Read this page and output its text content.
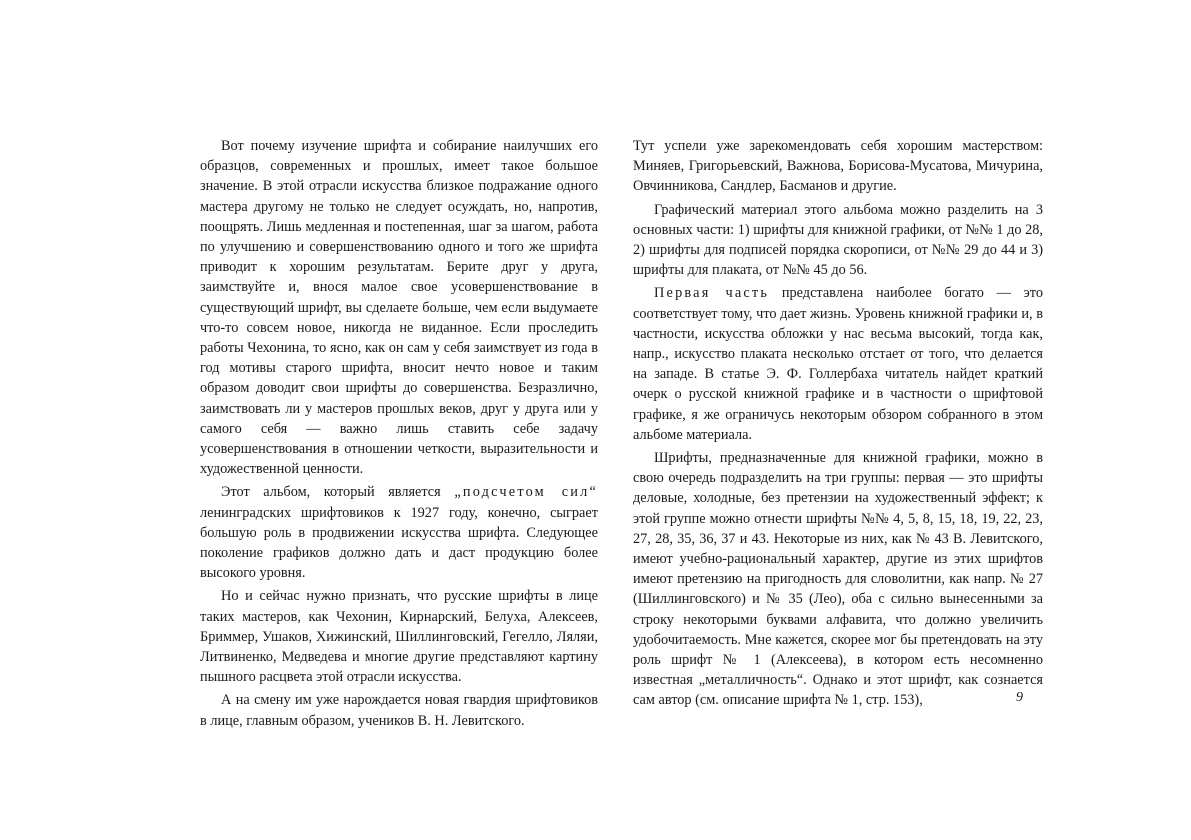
Вот почему изучение шрифта и собирание наилучших его образцов, современных и прошлых, имеет такое большое значение. В этой отрасли искусства близкое подражание одного мастера другому не только не следует осуждать, но, напротив, поощрять. Лишь медленная и постепенная, шаг за шагом, работа по улучшению и совершенствованию одного и того же шрифта приводит к хорошим результатам. Берите друг у друга, заимствуйте и, внося малое свое усовершенствование в существующий шрифт, вы сделаете больше, чем если выдумаете что-то совсем новое, никогда не виданное. Если проследить работы Чехонина, то ясно, как он сам у себя заимствует из года в год мотивы старого шрифта, вносит нечто новое и таким образом доводит свои шрифты до совершенства. Безразлично, заимствовать ли у мастеров прошлых веков, друг у друга или у самого себя — важно лишь ставить себе задачу усовершенствования в отношении четкости, выразительности и художественной ценности.

Этот альбом, который является „подсчетом сил“ ленинградских шрифтовиков к 1927 году, конечно, сыграет большую роль в продвижении искусства шрифта. Следующее поколение графиков должно дать и даст продукцию более высокого уровня.

Но и сейчас нужно признать, что русские шрифты в лице таких мастеров, как Чехонин, Кирнарский, Белуха, Алексеев, Бриммер, Ушаков, Хижинский, Шиллинговский, Гегелло, Ляляи, Литвиненко, Медведева и многие другие представляют картину пышного расцвета этой отрасли искусства.

А на смену им уже нарождается новая гвардия шрифтовиков в лице, главным образом, учеников В. Н. Левитского.

Тут успели уже зарекомендовать себя хорошим мастерством: Миняев, Григорьевский, Важнова, Борисова-Мусатова, Мичурина, Овчинникова, Сандлер, Басманов и другие.

Графический материал этого альбома можно разделить на 3 основных части: 1) шрифты для книжной графики, от №№ 1 до 28, 2) шрифты для подписей порядка скорописи, от №№ 29 до 44 и 3) шрифты для плаката, от №№ 45 до 56.

Первая часть представлена наиболее богато — это соответствует тому, что дает жизнь. Уровень книжной графики и, в частности, искусства обложки у нас весьма высокий, тогда как, напр., искусство плаката несколько отстает от того, что делается на западе. В статье Э. Ф. Голлербаха читатель найдет краткий очерк о русской книжной графике и в частности о шрифтовой графике, я же ограничусь некоторым обзором собранного в этом альбоме материала.

Шрифты, предназначенные для книжной графики, можно в свою очередь подразделить на три группы: первая — это шрифты деловые, холодные, без претензии на художественный эффект; к этой группе можно отнести шрифты №№ 4, 5, 8, 15, 18, 19, 22, 23, 27, 28, 35, 36, 37 и 43. Некоторые из них, как № 43 В. Левитского, имеют учебно-рациональный характер, другие из этих шрифтов имеют претензию на пригодность для словолитни, как напр. № 27 (Шиллинговского) и № 35 (Лео), оба с сильно вынесенными за строку некоторыми буквами алфавита, что должно увеличить удобочитаемость. Мне кажется, скорее мог бы претендовать на эту роль шрифт № 1 (Алексеева), в котором есть несомненно известная „металличность“. Однако и этот шрифт, как сознается сам автор (см. описание шрифта № 1, стр. 153),	9
